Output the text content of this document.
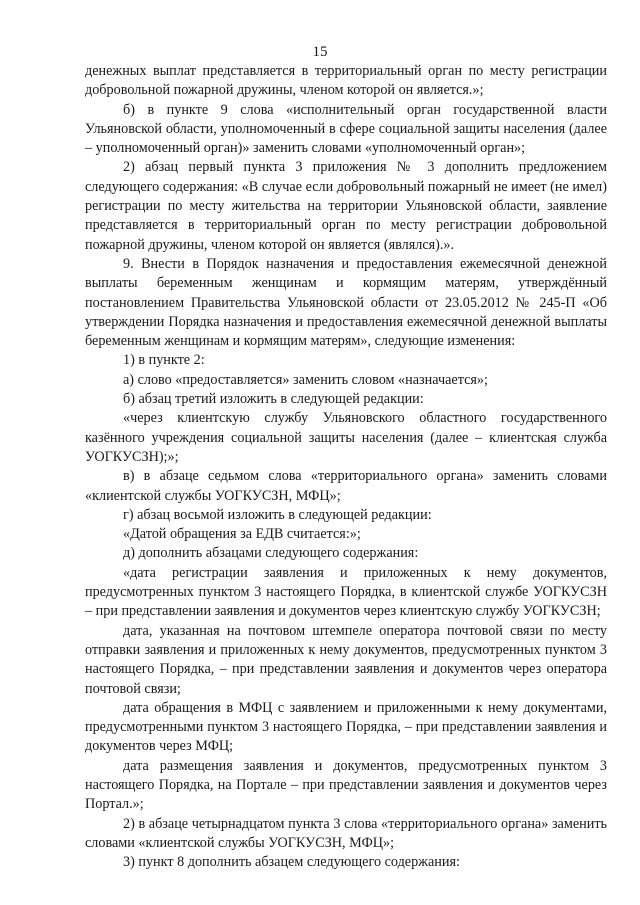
15

денежных выплат представляется в территориальный орган по месту регистрации добровольной пожарной дружины, членом которой он является.»;

б) в пункте 9 слова «исполнительный орган государственной власти Ульяновской области, уполномоченный в сфере социальной защиты населения (далее – уполномоченный орган)» заменить словами «уполномоченный орган»;

2) абзац первый пункта 3 приложения № 3 дополнить предложением следующего содержания: «В случае если добровольный пожарный не имеет (не имел) регистрации по месту жительства на территории Ульяновской области, заявление представляется в территориальный орган по месту регистрации добровольной пожарной дружины, членом которой он является (являлся).».

9. Внести в Порядок назначения и предоставления ежемесячной денежной выплаты беременным женщинам и кормящим матерям, утверждённый постановлением Правительства Ульяновской области от 23.05.2012 № 245-П «Об утверждении Порядка назначения и предоставления ежемесячной денежной выплаты беременным женщинам и кормящим матерям», следующие изменения:

1) в пункте 2:

а) слово «предоставляется» заменить словом «назначается»;

б) абзац третий изложить в следующей редакции:

«через клиентскую службу Ульяновского областного государственного казённого учреждения социальной защиты населения (далее – клиентская служба УОГКУСЗН);»;

в) в абзаце седьмом слова «территориального органа» заменить словами «клиентской службы УОГКУСЗН, МФЦ»;

г) абзац восьмой изложить в следующей редакции:

«Датой обращения за ЕДВ считается:»;

д) дополнить абзацами следующего содержания:

«дата регистрации заявления и приложенных к нему документов, предусмотренных пунктом 3 настоящего Порядка, в клиентской службе УОГКУСЗН – при представлении заявления и документов через клиентскую службу УОГКУСЗН;

дата, указанная на почтовом штемпеле оператора почтовой связи по месту отправки заявления и приложенных к нему документов, предусмотренных пунктом 3 настоящего Порядка, – при представлении заявления и документов через оператора почтовой связи;

дата обращения в МФЦ с заявлением и приложенными к нему документами, предусмотренными пунктом 3 настоящего Порядка, – при представлении заявления и документов через МФЦ;

дата размещения заявления и документов, предусмотренных пунктом 3 настоящего Порядка, на Портале – при представлении заявления и документов через Портал.»;

2) в абзаце четырнадцатом пункта 3 слова «территориального органа» заменить словами «клиентской службы УОГКУСЗН, МФЦ»;

3) пункт 8 дополнить абзацем следующего содержания:
